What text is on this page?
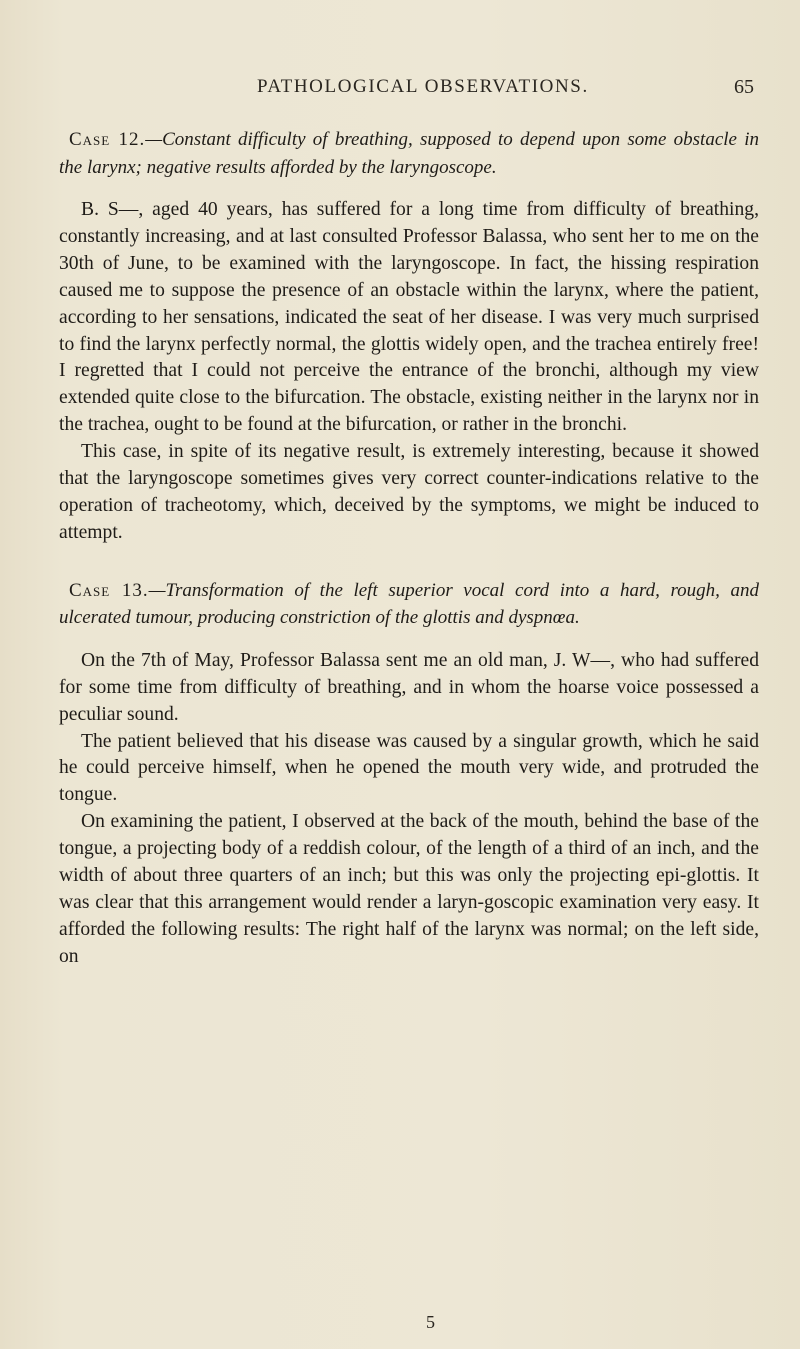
PATHOLOGICAL OBSERVATIONS.	65

Case 12.—Constant difficulty of breathing, supposed to depend upon some obstacle in the larynx; negative results afforded by the laryngoscope.

B. S—, aged 40 years, has suffered for a long time from difficulty of breathing, constantly increasing, and at last consulted Professor Balassa, who sent her to me on the 30th of June, to be examined with the laryngoscope. In fact, the hissing respiration caused me to suppose the presence of an obstacle within the larynx, where the patient, according to her sensations, indicated the seat of her disease. I was very much surprised to find the larynx perfectly normal, the glottis widely open, and the trachea entirely free! I regretted that I could not perceive the entrance of the bronchi, although my view extended quite close to the bifurcation. The obstacle, existing neither in the larynx nor in the trachea, ought to be found at the bifurcation, or rather in the bronchi.

This case, in spite of its negative result, is extremely interesting, because it showed that the laryngoscope sometimes gives very correct counter-indications relative to the operation of tracheotomy, which, deceived by the symptoms, we might be induced to attempt.

Case 13.—Transformation of the left superior vocal cord into a hard, rough, and ulcerated tumour, producing constriction of the glottis and dyspnœa.

On the 7th of May, Professor Balassa sent me an old man, J. W—, who had suffered for some time from difficulty of breathing, and in whom the hoarse voice possessed a peculiar sound.

The patient believed that his disease was caused by a singular growth, which he said he could perceive himself, when he opened the mouth very wide, and protruded the tongue.

On examining the patient, I observed at the back of the mouth, behind the base of the tongue, a projecting body of a reddish colour, of the length of a third of an inch, and the width of about three quarters of an inch; but this was only the projecting epi-glottis. It was clear that this arrangement would render a laryn-goscopic examination very easy. It afforded the following results: The right half of the larynx was normal; on the left side, on

5
